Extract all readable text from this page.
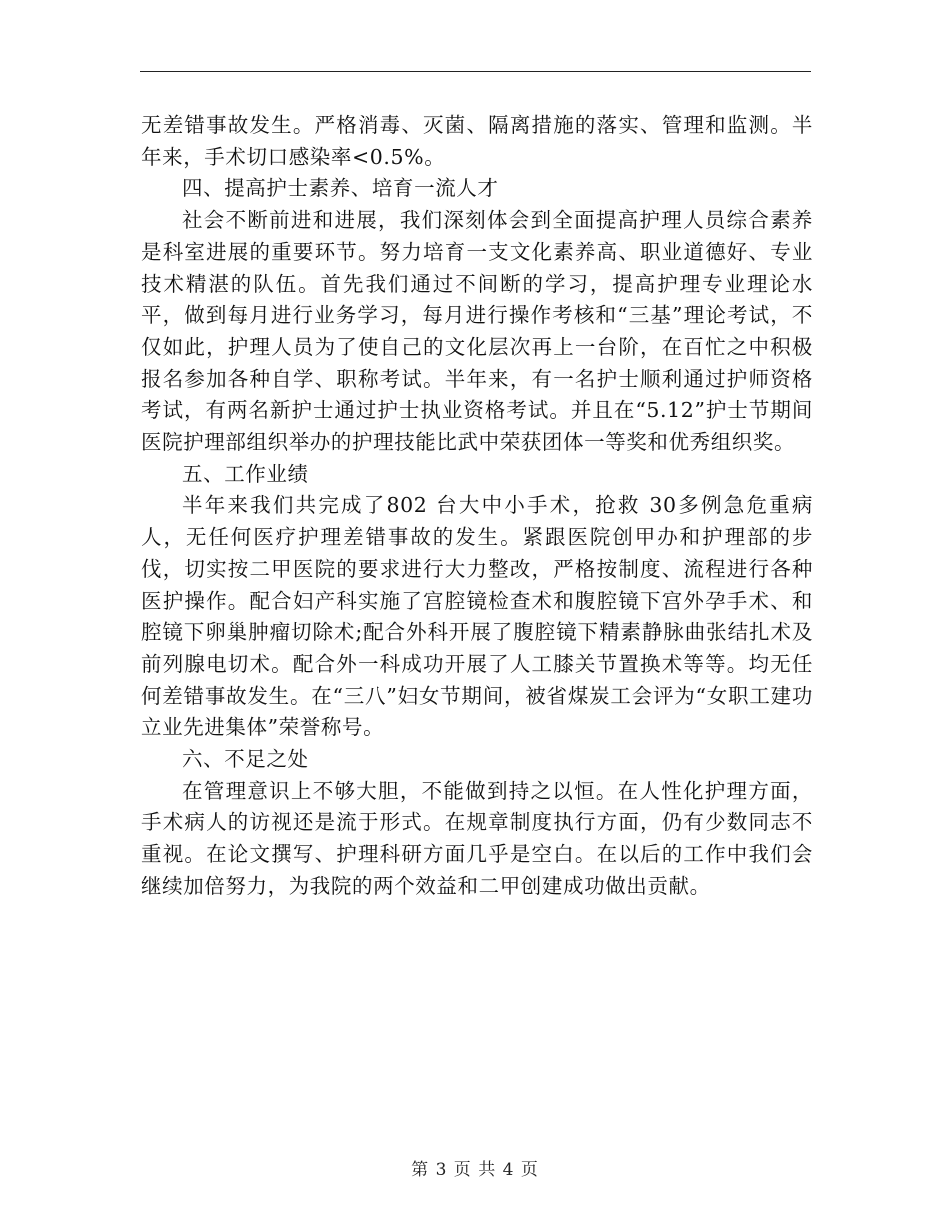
无差错事故发生。严格消毒、灭菌、隔离措施的落实、管理和监测。半年来，手术切口感染率<0.5%。

四、提高护士素养、培育一流人才

社会不断前进和进展，我们深刻体会到全面提高护理人员综合素养是科室进展的重要环节。努力培育一支文化素养高、职业道德好、专业技术精湛的队伍。首先我们通过不间断的学习，提高护理专业理论水平，做到每月进行业务学习，每月进行操作考核和“三基”理论考试，不仅如此，护理人员为了使自己的文化层次再上一台阶，在百忙之中积极报名参加各种自学、职称考试。半年来，有一名护士顺利通过护师资格考试，有两名新护士通过护士执业资格考试。并且在“5.12”护士节期间医院护理部组织举办的护理技能比武中荣获团体一等奖和优秀组织奖。

五、工作业绩

半年来我们共完成了802 台大中小手术，抢救 30多例急危重病人，无任何医疗护理差错事故的发生。紧跟医院创甲办和护理部的步伐，切实按二甲医院的要求进行大力整改，严格按制度、流程进行各种医护操作。配合妇产科实施了宫腔镜检查术和腹腔镜下宫外孕手术、和腔镜下卵巢肿瘤切除术;配合外科开展了腹腔镜下精素静脉曲张结扎术及前列腺电切术。配合外一科成功开展了人工膝关节置换术等等。均无任何差错事故发生。在“三八”妇女节期间，被省煤炭工会评为“女职工建功立业先进集体”荣誉称号。

六、不足之处

在管理意识上不够大胆，不能做到持之以恒。在人性化护理方面，手术病人的访视还是流于形式。在规章制度执行方面，仍有少数同志不重视。在论文撰写、护理科研方面几乎是空白。在以后的工作中我们会继续加倍努力，为我院的两个效益和二甲创建成功做出贡献。

第 3 页 共 4 页
